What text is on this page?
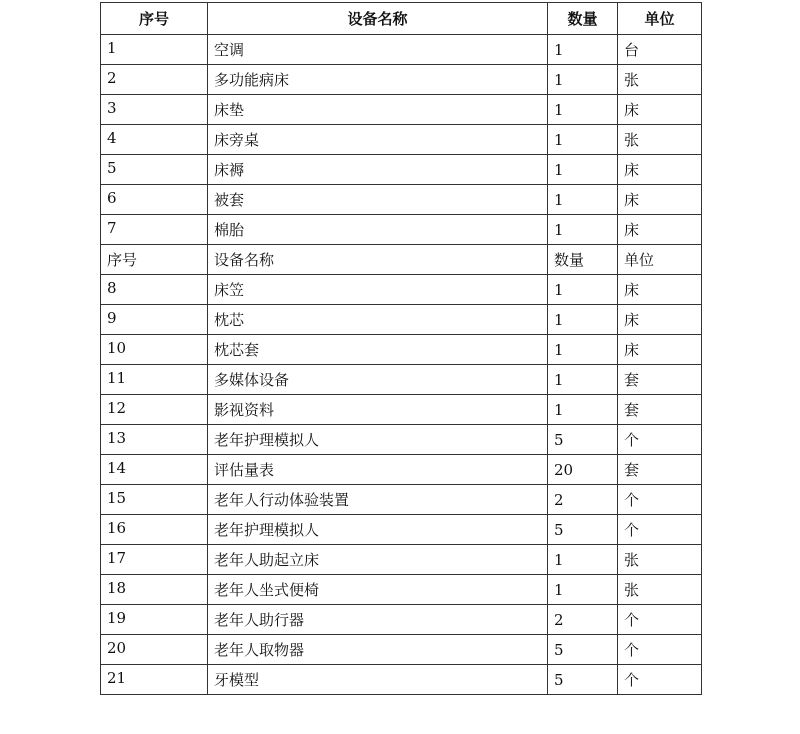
序号	设备名称	数量	单位
1	空调	1	台
2	多功能病床	1	张
3	床垫	1	床
4	床旁桌	1	张
5	床褥	1	床
6	被套	1	床
7	棉胎	1	床
序号	设备名称	数量	单位
8	床笠	1	床
9	枕芯	1	床
10	枕芯套	1	床
11	多媒体设备	1	套
12	影视资料	1	套
13	老年护理模拟人	5	个
14	评估量表	20	套
15	老年人行动体验装置	2	个
16	老年护理模拟人	5	个
17	老年人助起立床	1	张
18	老年人坐式便椅	1	张
19	老年人助行器	2	个
20	老年人取物器	5	个
21	牙模型	5	个
